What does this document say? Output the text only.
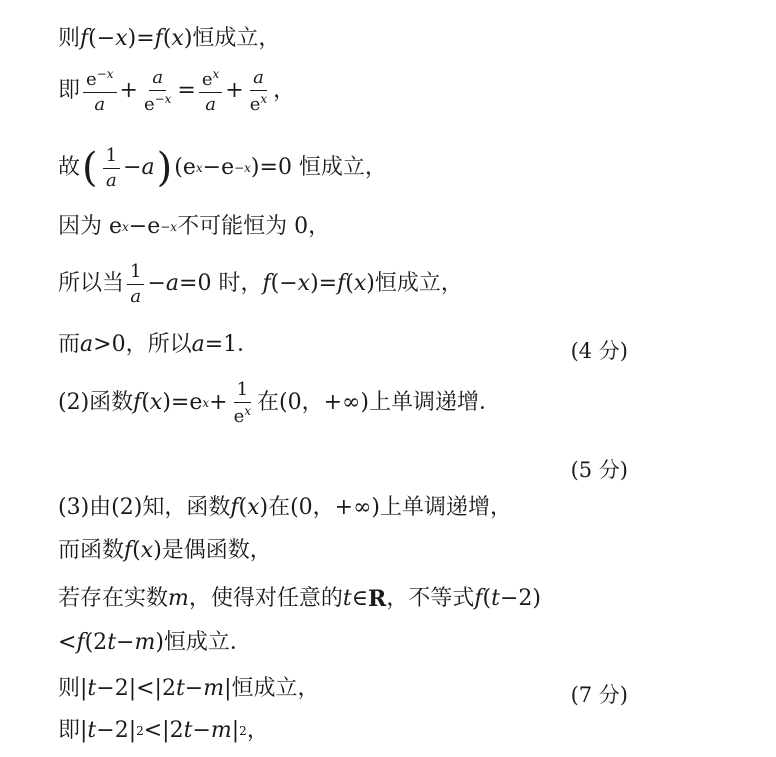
则 f (− x )= f ( x )恒成立，
即 $\frac{e^{-x}}{a} + \frac{a}{e^{-x}} = \frac{e^x}{a} + \frac{a}{e^x}$ ，
故 ( $\frac{1}{a} - a$ ) (e x −e −x )=0 恒成立，
因为 e x −e −x 不可能恒为 0，
所以当 $\frac{1}{a} - a =0$ 时， f (− x )= f ( x )恒成立，
而 a >0，所以 a =1．	(4 分)
(2)函数 f ( x )=e $x + \frac{1}{e^x}$ 在(0，+∞)上单调递增．
(5 分)
(3)由(2)知，函数 f ( x )在(0，+∞)上单调递增，
而函数 f ( x )是偶函数，
若存在实数 m ，使得对任意的 t ∈ R ，不等式 f ( t −2)
< f (2 t − m )恒成立．
则| t −2|<|2 t − m |恒成立，	(7 分)
即| t −2| 2 <|2 t − m | 2 ，
